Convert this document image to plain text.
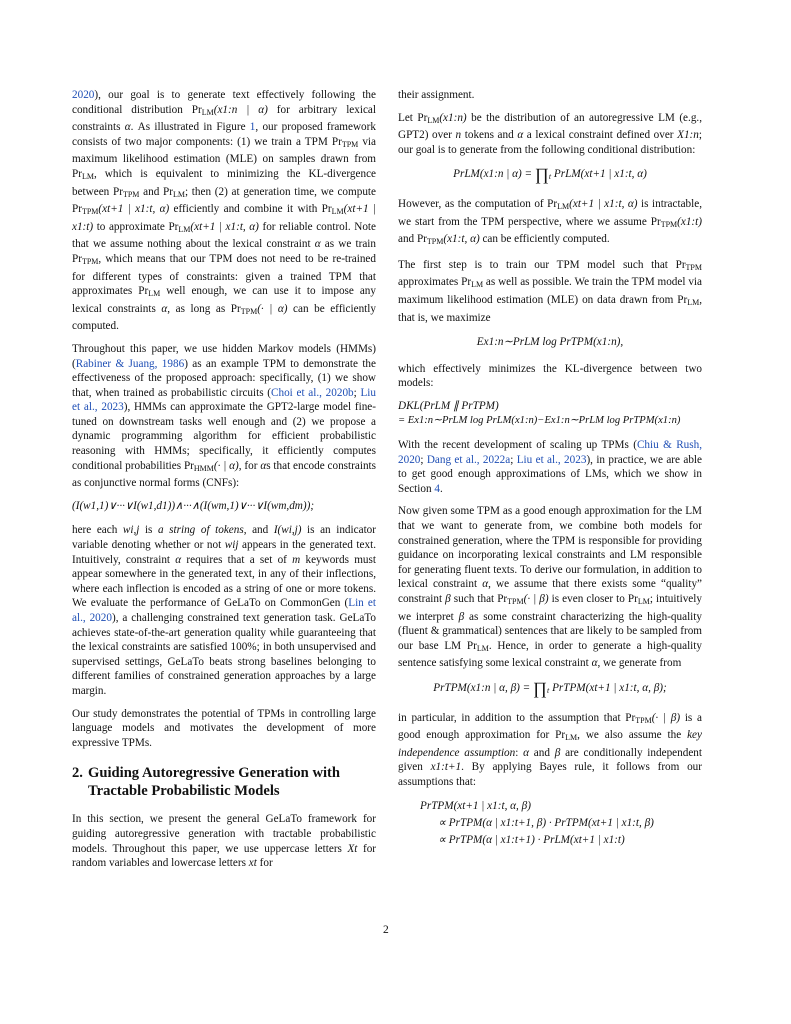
2020), our goal is to generate text effectively following the conditional distribution $Pr_{LM}(x1:n$ | α) for arbitrary lexical constraints α. As illustrated in Figure 1, our proposed framework consists of two major components: (1) we train a TPM $Pr_{TPM}$ via maximum likelihood estimation (MLE) on samples drawn from $Pr_{LM}$, which is equivalent to minimizing the KL-divergence between $Pr_{TPM}$ and $Pr_{LM}$; then (2) at generation time, we compute $Pr_{TPM}(xt+1$ | x1:t, α) efficiently and combine it with $Pr_{LM}(xt+1$ | x1:t) to approximate $Pr_{LM}(xt+1$ | x1:t, α) for reliable control. Note that we assume nothing about the lexical constraint α as we train $Pr_{TPM}$, which means that our TPM does not need to be re-trained for different types of constraints: given a trained TPM that approximates $Pr_{LM}$ well enough, we can use it to impose any lexical constraints α, as long as $Pr_{TPM}(\cdot$ | α) can be efficiently computed.

Throughout this paper, we use hidden Markov models (HMMs) (Rabiner & Juang, 1986) as an example TPM to demonstrate the effectiveness of the proposed approach: specifically, (1) we show that, when trained as probabilistic circuits (Choi et al., 2020b; Liu et al., 2023), HMMs can approximate the GPT2-large model fine-tuned on downstream tasks well enough and (2) we propose a dynamic programming algorithm for efficient probabilistic reasoning with HMMs; specifically, it efficiently computes conditional probabilities $Pr_{HMM}(\cdot$ | α), for αs that encode constraints as conjunctive normal forms (CNFs):

(I(w1,1)∨···∨I(w1,d1))∧···∧(I(wm,1)∨···∨I(wm,dm));

here each wi,j is a string of tokens, and I(wi,j) is an indicator variable denoting whether or not wij appears in the generated text. Intuitively, constraint α requires that a set of m keywords must appear somewhere in the generated text, in any of their inflections, where each inflection is encoded as a string of one or more tokens. We evaluate the performance of GeLaTo on CommonGen (Lin et al., 2020), a challenging constrained text generation task. GeLaTo achieves state-of-the-art generation quality while guaranteeing that the lexical constraints are satisfied 100%; in both unsupervised and supervised settings, GeLaTo beats strong baselines belonging to different families of constrained generation approaches by a large margin.

Our study demonstrates the potential of TPMs in controlling large language models and motivates the development of more expressive TPMs.

2. Guiding Autoregressive Generation with
Tractable Probabilistic Models

In this section, we present the general GeLaTo framework for guiding autoregressive generation with tractable probabilistic models. Throughout this paper, we use uppercase letters Xt for random variables and lowercase letters xt for

their assignment.

Let $Pr_{LM}(x1:n)$ be the distribution of an autoregressive LM (e.g., GPT2) over n tokens and α a lexical constraint defined over X1:n; our goal is to generate from the following conditional distribution:

PrLM(x1:n | α) = ∏t PrLM(xt+1 | x1:t, α)

However, as the computation of $Pr_{LM}(xt+1$ | x1:t, α) is intractable, we start from the TPM perspective, where we assume $Pr_{TPM}(x1:t)$ and $Pr_{TPM}(x1:t$, α) can be efficiently computed.

The first step is to train our TPM model such that $Pr_{TPM}$ approximates $Pr_{LM}$ as well as possible. We train the TPM model via maximum likelihood estimation (MLE) on data drawn from $Pr_{LM}$, that is, we maximize

Ex1:n∼PrLM log PrTPM(x1:n),

which effectively minimizes the KL-divergence between two models:

DKL(PrLM ∥ PrTPM)
= Ex1:n∼PrLM log PrLM(x1:n)−Ex1:n∼PrLM log PrTPM(x1:n)

With the recent development of scaling up TPMs (Chiu & Rush, 2020; Dang et al., 2022a; Liu et al., 2023), in practice, we are able to get good enough approximations of LMs, which we show in Section 4.

Now given some TPM as a good enough approximation for the LM that we want to generate from, we combine both models for constrained generation, where the TPM is responsible for providing guidance on incorporating lexical constraints and LM responsible for generating fluent texts. To derive our formulation, in addition to lexical constraint α, we assume that there exists some “quality” constraint β such that $Pr_{TPM}(\cdot$ | β) is even closer to $Pr_{LM}$; intuitively we interpret β as some constraint characterizing the high-quality (fluent & grammatical) sentences that are likely to be sampled from our base LM $Pr_{LM}$. Hence, in order to generate a high-quality sentence satisfying some lexical constraint α, we generate from

PrTPM(x1:n | α, β) = ∏t PrTPM(xt+1 | x1:t, α, β);

in particular, in addition to the assumption that $Pr_{TPM}(\cdot$ | β) is a good enough approximation for $Pr_{LM}$, we also assume the key independence assumption: α and β are conditionally independent given x1:t+1. By applying Bayes rule, it follows from our assumptions that:

PrTPM(xt+1 | x1:t, α, β)
∝ PrTPM(α | x1:t+1, β) · PrTPM(xt+1 | x1:t, β)
∝ PrTPM(α | x1:t+1) · PrLM(xt+1 | x1:t)
2
